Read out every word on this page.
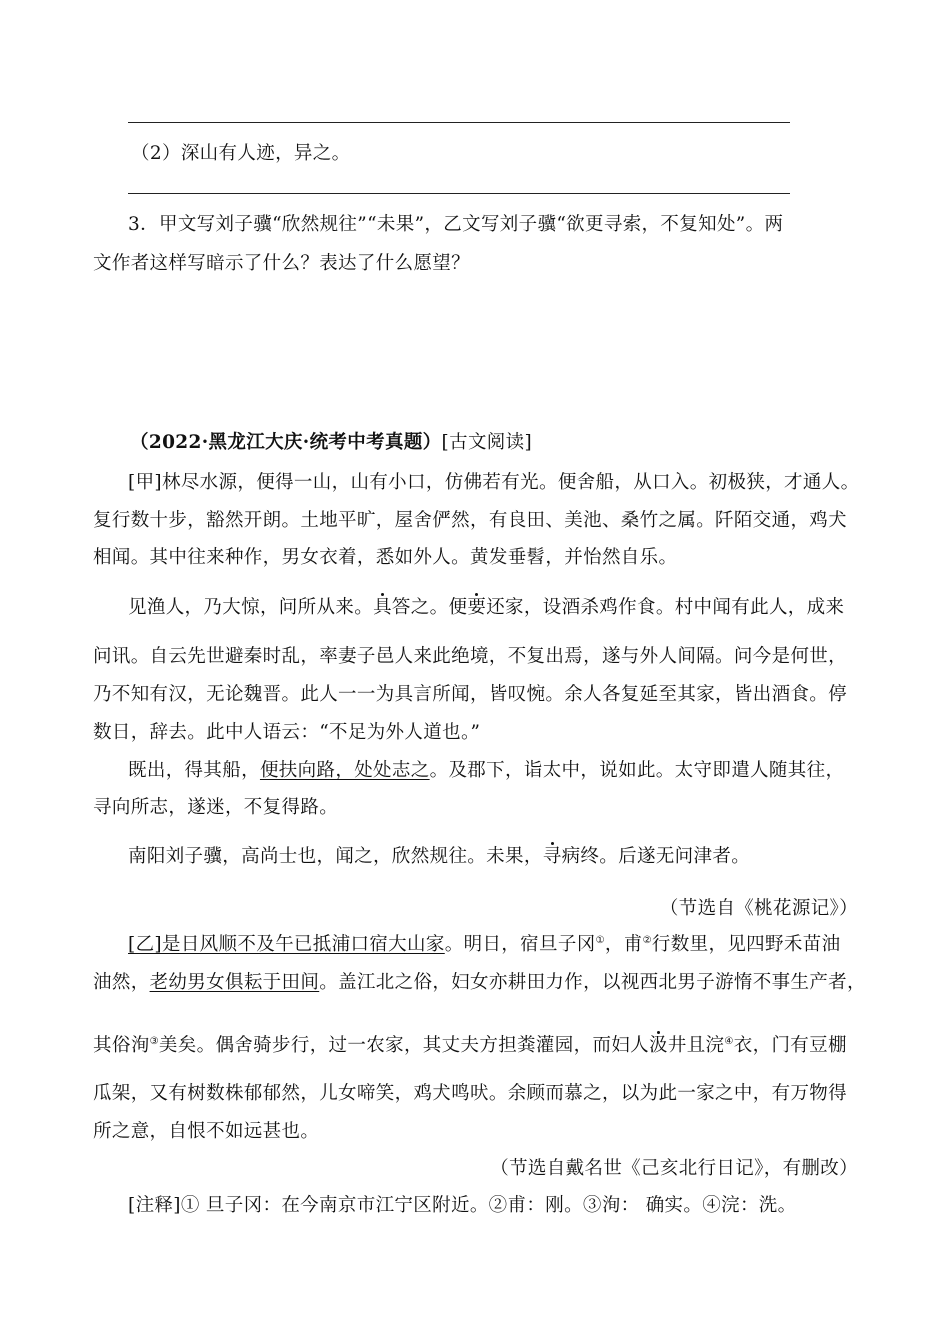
（2）深山有人迹，异之。
3．甲文写刘子骥“欣然规往”“未果”，乙文写刘子骥“欲更寻索，不复知处”。两
文作者这样写暗示了什么？表达了什么愿望？
（2022·黑龙江大庆·统考中考真题）[古文阅读]
[甲]林尽水源，便得一山，山有小口，仿佛若有光。便舍船，从口入。初极狭，才通人。
复行数十步，豁然开朗。土地平旷，屋舍俨然，有良田、美池、桑竹之属。阡陌交通，鸡犬
相闻。其中往来种作，男女衣着，悉如外人。黄发垂髫，并怡然自乐。
见渔人，乃大惊，问所从来。具答之。便要还家，设酒杀鸡作食。村中闻有此人，成来
问讯。自云先世避秦时乱，率妻子邑人来此绝境，不复出焉，遂与外人间隔。问今是何世，
乃不知有汉，无论魏晋。此人一一为具言所闻，皆叹惋。余人各复延至其家，皆出酒食。停
数日，辞去。此中人语云：“不足为外人道也。”
既出，得其船，便扶向路，处处志之。及郡下，诣太中，说如此。太守即遣人随其往，
寻向所志，遂迷，不复得路。
南阳刘子骥，高尚士也，闻之，欣然规往。未果，寻病终。后遂无问津者。
（节选自《桃花源记》）
[乙]是日风顺不及午已抵浦口宿大山家。明日，宿旦子冈①，甫②行数里，见四野禾苗油
油然，老幼男女俱耘于田间。盖江北之俗，妇女亦耕田力作，以视西北男子游惰不事生产者，
其俗洵③美矣。偶舍骑步行，过一农家，其丈夫方担粪灌园，而妇人汲井且浣④衣，门有豆棚
瓜架，又有树数株郁郁然，儿女啼笑，鸡犬鸣吠。余顾而慕之，以为此一家之中，有万物得
所之意，自恨不如远甚也。
（节选自戴名世《己亥北行日记》，有删改）
[注释]① 旦子冈：在今南京市江宁区附近。②甫：刚。③洵： 确实。④浣：洗。
